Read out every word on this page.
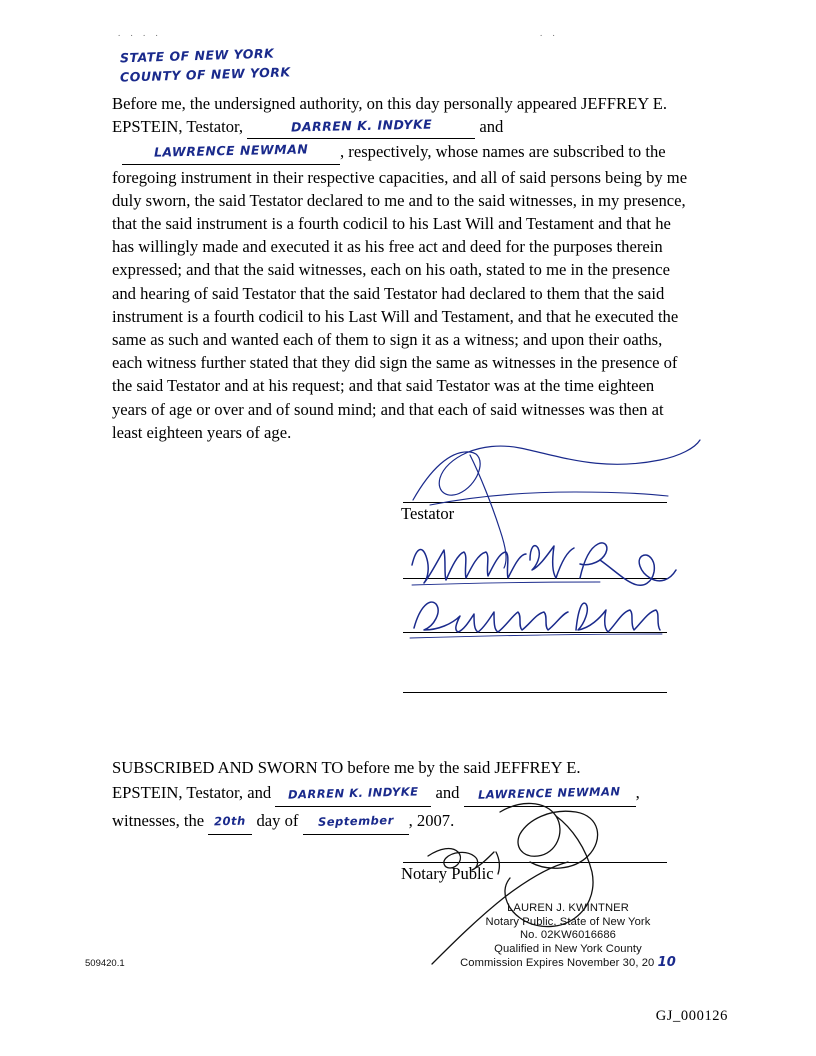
. . . .	. .
STATE OF NEW YORK
COUNTY OF NEW YORK

Before me, the undersigned authority, on this day personally appeared JEFFREY E. EPSTEIN, Testator,	DARREN K. INDYKE	and LAWRENCE NEWMAN , respectively, whose names are subscribed to the foregoing instrument in their respective capacities, and all of said persons being by me duly sworn, the said Testator declared to me and to the said witnesses, in my presence, that the said instrument is a fourth codicil to his Last Will and Testament and that he has willingly made and executed it as his free act and deed for the purposes therein expressed; and that the said witnesses, each on his oath, stated to me in the presence and hearing of said Testator that the said Testator had declared to them that the said instrument is a fourth codicil to his Last Will and Testament, and that he executed the same as such and wanted each of them to sign it as a witness; and upon their oaths, each witness further stated that they did sign the same as witnesses in the presence of the said Testator and at his request; and that said Testator was at the time eighteen years of age or over and of sound mind; and that each of said witnesses was then at least eighteen years of age.

Testator

SUBSCRIBED AND SWORN TO before me by the said JEFFREY E.

EPSTEIN, Testator, and DARREN K. INDYKE and LAWRENCE NEWMAN ,

witnesses, the 20th day of September , 2007.

Notary Public
LAUREN J. KWINTNER
Notary Public, State of New York
No. 02KW6016686
Qualified in New York County
Commission Expires November 30, 20 10
509420.1
GJ_000126
